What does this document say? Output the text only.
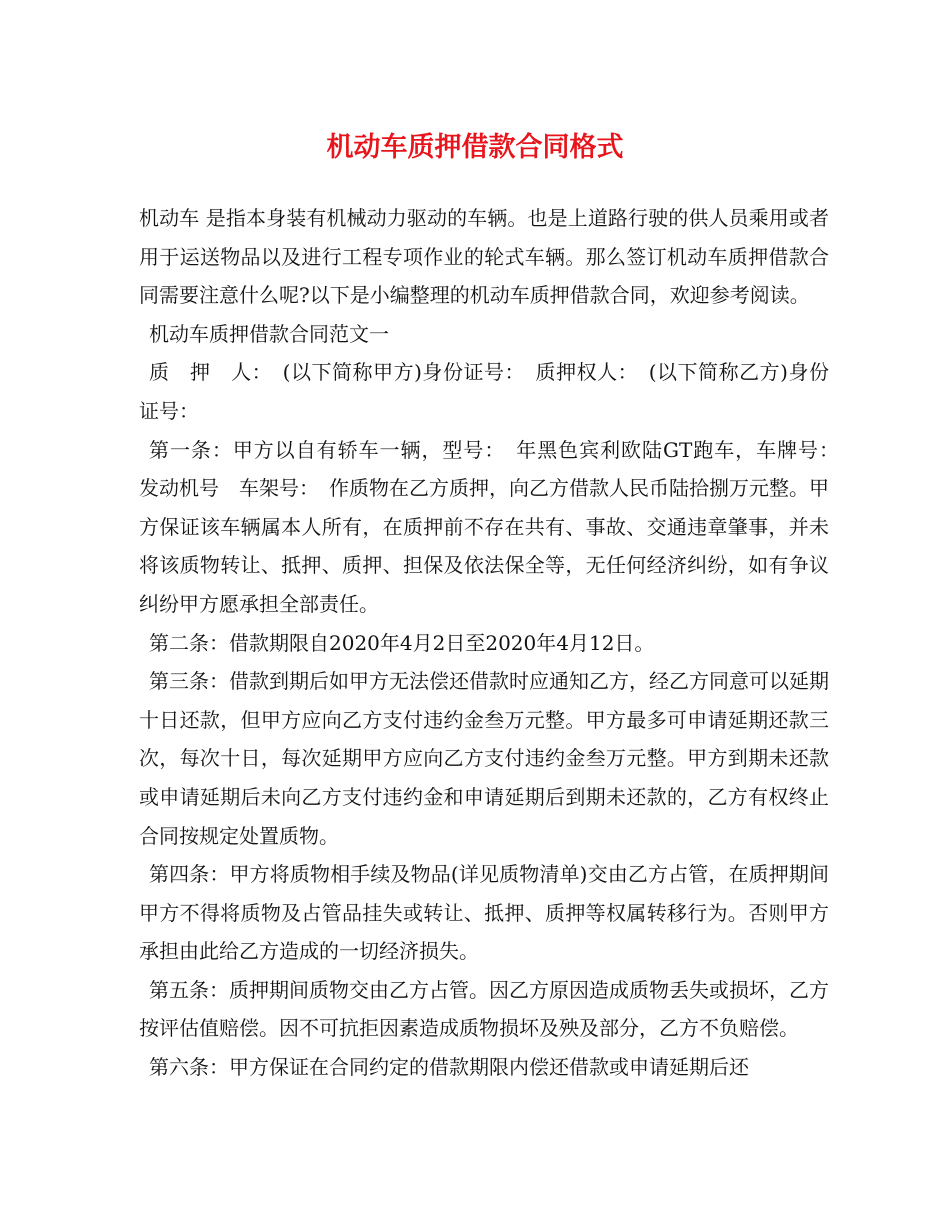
机动车质押借款合同格式

机动车 是指本身装有机械动力驱动的车辆。也是上道路行驶的供人员乘用或者用于运送物品以及进行工程专项作业的轮式车辆。那么签订机动车质押借款合同需要注意什么呢?以下是小编整理的机动车质押借款合同，欢迎参考阅读。

机动车质押借款合同范文一

质　押　人：　(以下简称甲方)身份证号：　质押权人：　(以下简称乙方)身份证号：

第一条：甲方以自有轿车一辆，型号：　年黑色宾利欧陆GT跑车，车牌号：　发动机号　车架号：　作质物在乙方质押，向乙方借款人民币陆拾捌万元整。甲方保证该车辆属本人所有，在质押前不存在共有、事故、交通违章肇事，并未将该质物转让、抵押、质押、担保及依法保全等，无任何经济纠纷，如有争议纠纷甲方愿承担全部责任。

第二条：借款期限自2020年4月2日至2020年4月12日。

第三条：借款到期后如甲方无法偿还借款时应通知乙方，经乙方同意可以延期十日还款，但甲方应向乙方支付违约金叁万元整。甲方最多可申请延期还款三次，每次十日，每次延期甲方应向乙方支付违约金叁万元整。甲方到期未还款或申请延期后未向乙方支付违约金和申请延期后到期未还款的，乙方有权终止合同按规定处置质物。

第四条：甲方将质物相手续及物品(详见质物清单)交由乙方占管，在质押期间甲方不得将质物及占管品挂失或转让、抵押、质押等权属转移行为。否则甲方承担由此给乙方造成的一切经济损失。

第五条：质押期间质物交由乙方占管。因乙方原因造成质物丢失或损坏，乙方按评估值赔偿。因不可抗拒因素造成质物损坏及殃及部分，乙方不负赔偿。

第六条：甲方保证在合同约定的借款期限内偿还借款或申请延期后还
